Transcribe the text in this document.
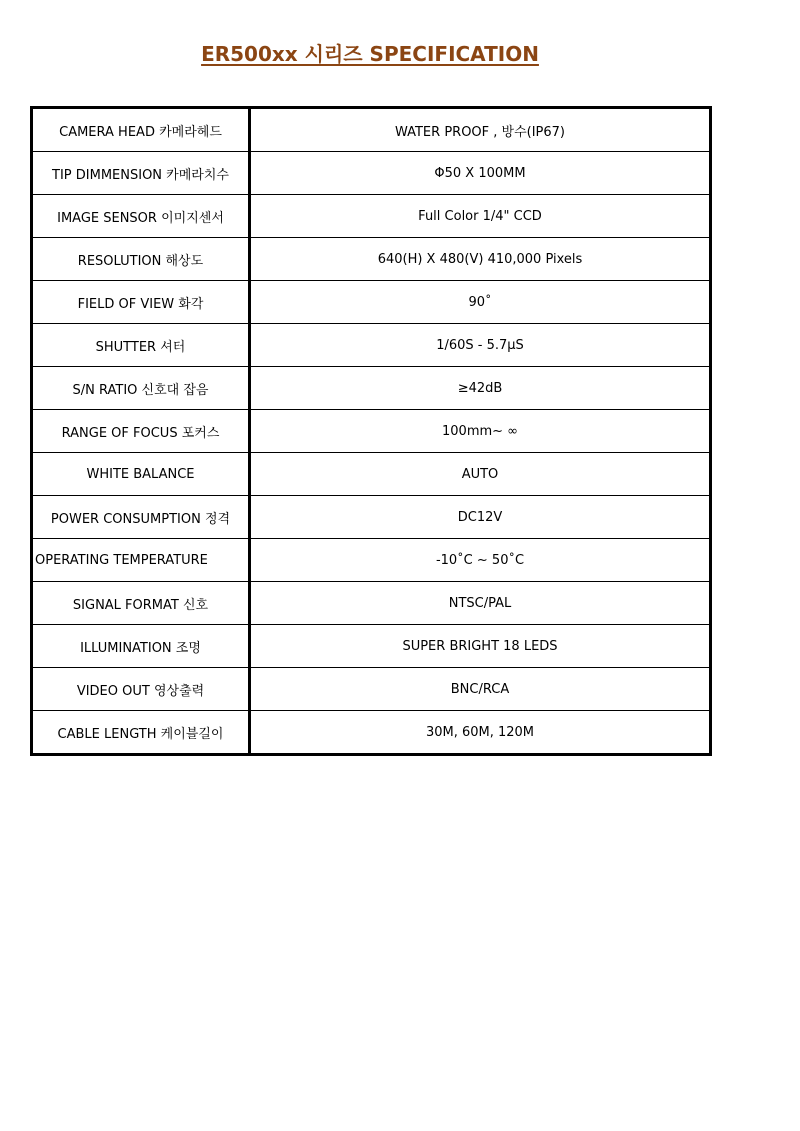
ER500xx 시리즈 SPECIFICATION
CAMERA HEAD 카메라헤드	WATER PROOF , 방수(IP67)
TIP DIMMENSION 카메라치수	Φ50 X 100MM
IMAGE SENSOR 이미지센서	Full Color 1/4" CCD
RESOLUTION 해상도	640(H) X 480(V) 410,000 Pixels
FIELD OF VIEW 화각	90˚
SHUTTER 셔터	1/60S - 5.7μS
S/N RATIO 신호대 잡음	≥42dB
RANGE OF FOCUS 포커스	100mm~ ∞
WHITE BALANCE	AUTO
POWER CONSUMPTION 정격	DC12V
OPERATING TEMPERATURE	-10˚C ~ 50˚C
SIGNAL FORMAT 신호	NTSC/PAL
ILLUMINATION 조명	SUPER BRIGHT 18 LEDS
VIDEO OUT 영상출력	BNC/RCA
CABLE LENGTH 케이블길이	30M, 60M, 120M
